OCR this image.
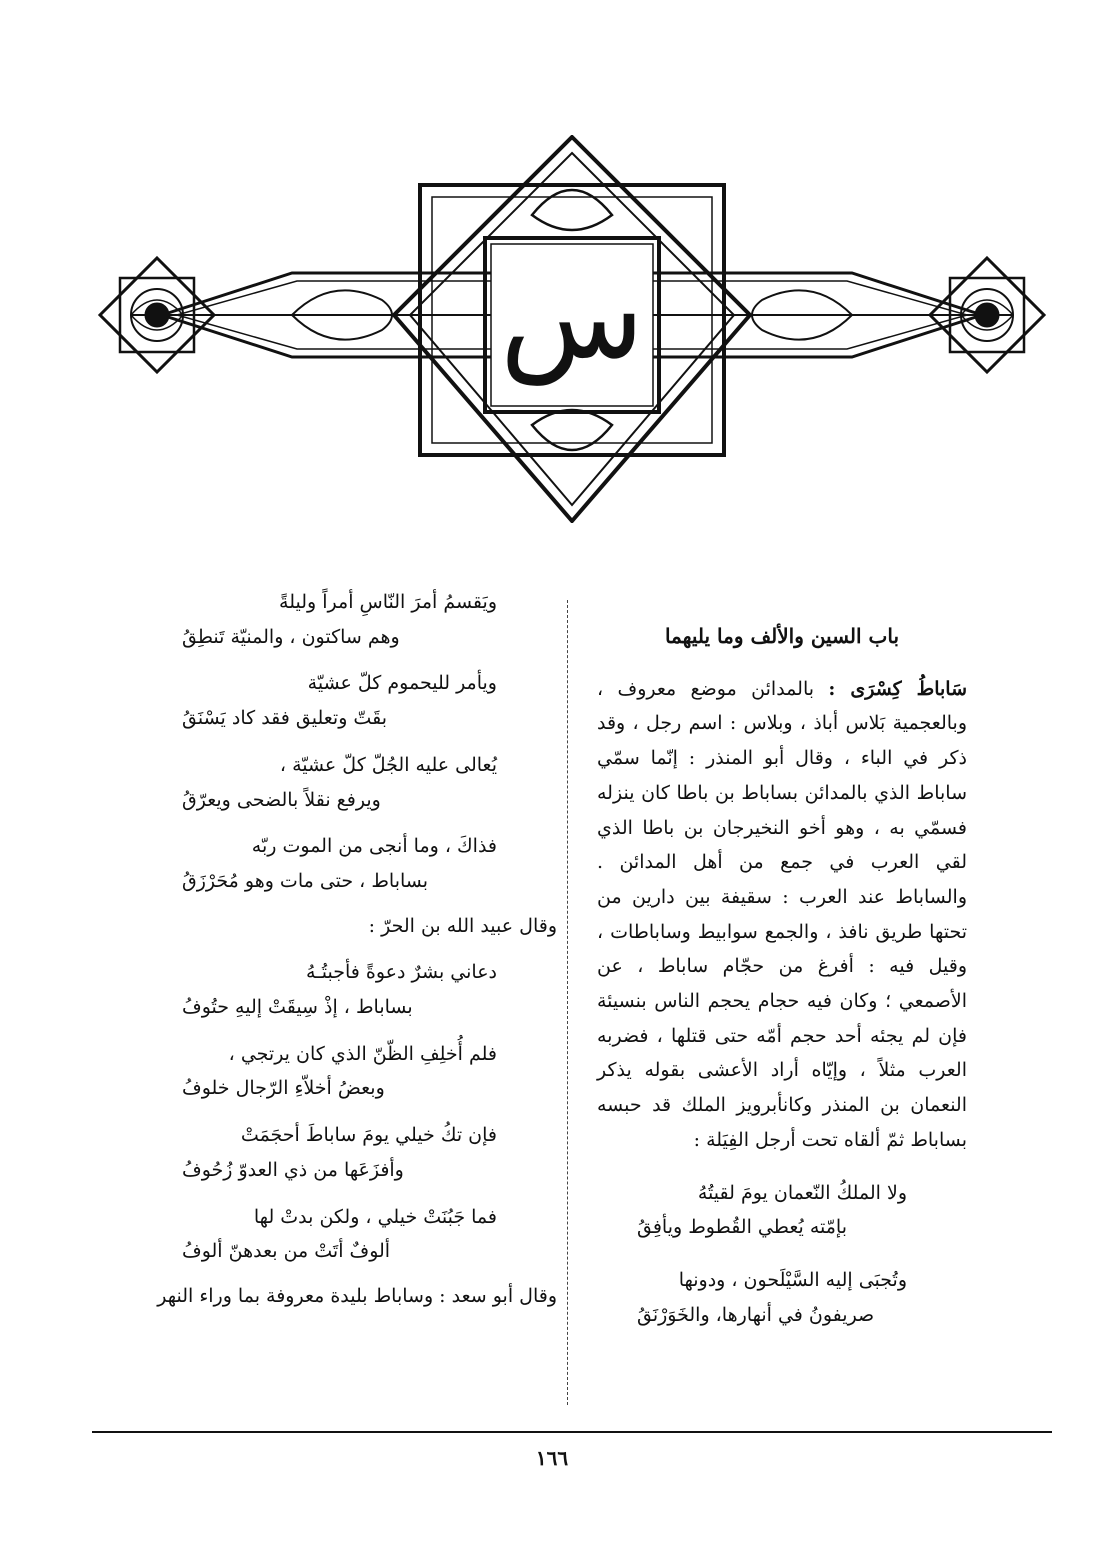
س
باب السين والألف وما يليهما

سَاباطُ كِسْرَى : بالمدائن موضع معروف ، وبالعجمية بَلاس أباذ ، وبلاس : اسم رجل ، وقد ذكر في الباء ، وقال أبو المنذر : إنّما سمّي ساباط الذي بالمدائن بساباط بن باطا كان ينزله فسمّي به ، وهو أخو النخيرجان بن باطا الذي لقي العرب في جمع من أهل المدائن . والساباط عند العرب : سقيفة بين دارين من تحتها طريق نافذ ، والجمع سوابيط وساباطات ، وقيل فيه : أفرغ من حجّام ساباط ، عن الأصمعي ؛ وكان فيه حجام يحجم الناس بنسيئة فإن لم يجئه أحد حجم أمّه حتى قتلها ، فضربه العرب مثلاً ، وإيّاه أراد الأعشى بقوله يذكر النعمان بن المنذر وكانأبرويز الملك قد حبسه بساباط ثمّ ألقاه تحت أرجل الفِيَلة :

ولا الملكُ النّعمان يومَ لقيتُهُ
بإمّته يُعطي القُطوط ويأفِقُ
وتُجبَى إليه السَّيْلَحون ، ودونها
صريفونُ في أنهارها، والخَوَرْنَقُ
ويَقسمُ أمرَ النّاسِ أمراً وليلةً
وهم ساكتون ، والمنيّة تَنطِقُ
ويأمر لليحموم كلّ عشيّة
بقَتّ وتعليق فقد كاد يَسْنَقُ
يُعالى عليه الجُلّ كلّ عشيّة ،
ويرفع نقلاً بالضحى ويعرّقُ
فذاكَ ، وما أنجى من الموت ربّه
بساباط ، حتى مات وهو مُحَرْزَقُ
وقال عبيد الله بن الحرّ :
دعاني بشرٌ دعوةً فأجبتُـهُ
بساباط ، إذْ سِيقَتْ إليهِ حتُوفُ
فلم أُخلِفِ الظّنّ الذي كان يرتجي ،
وبعضُ أخلاّءِ الرّجال خلوفُ
فإن تكُ خيلي يومَ ساباطَ أحجَمَتْ
وأفزَعَها من ذي العدوّ زُحُوفُ
فما جَبُنَتْ خيلي ، ولكن بدتْ لها
ألوفٌ أتَتْ من بعدهنّ ألوفُ
وقال أبو سعد : وساباط بليدة معروفة بما وراء النهر
١٦٦
